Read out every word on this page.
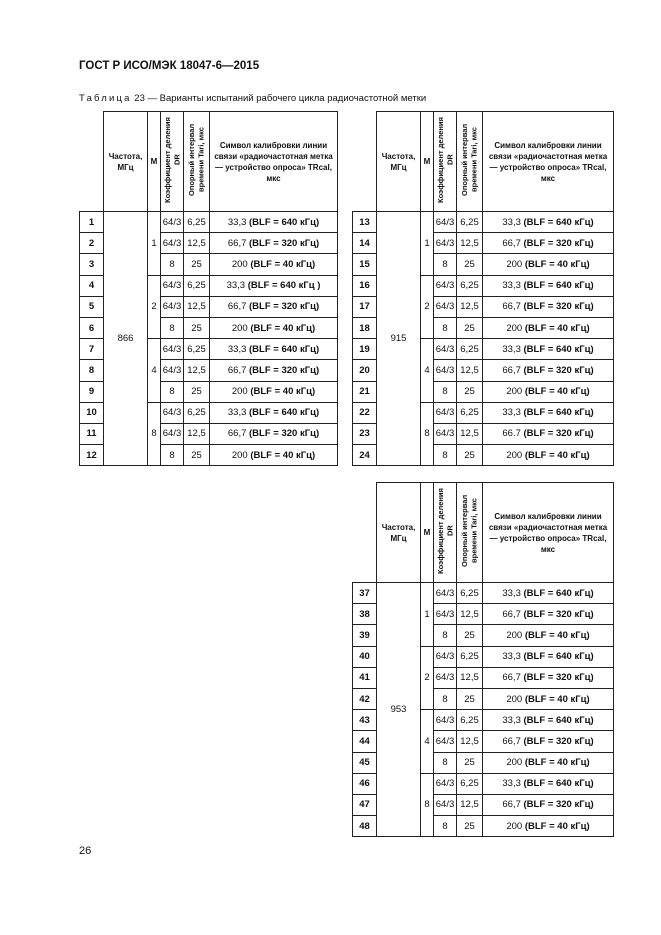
ГОСТ Р ИСО/МЭК 18047-6—2015
Таблица 23 — Варианты испытаний рабочего цикла радиочастотной метки
	Частота, МГц	M	Коэффициент деления DR	Опорный интервал времени Tari, мкс	Символ калибровки линии связи «радиочастотная метка — устройство опроса» TRcal, мкс
1	866	1	64/3	6,25	33,3 (BLF = 640 кГц)
2			64/3	12,5	66,7 (BLF = 320 кГц)
3			8	25	200 (BLF = 40 кГц)
4		2	64/3	6,25	33,3 (BLF = 640 кГц )
5			64/3	12,5	66,7 (BLF = 320 кГц)
6			8	25	200 (BLF = 40 кГц)
7		4	64/3	6,25	33,3 (BLF = 640 кГц)
8			64/3	12,5	66,7 (BLF = 320 кГц)
9			8	25	200 (BLF = 40 кГц)
10		8	64/3	6,25	33,3 (BLF = 640 кГц)
11			64/3	12,5	66,7 (BLF = 320 кГц)
12			8	25	200 (BLF = 40 кГц)
	Частота, МГц	M	Коэффициент деления DR	Опорный интервал времени Tari, мкс	Символ калибровки линии связи «радиочастотная метка — устройство опроса» TRcal, мкс
13	915	1	64/3	6,25	33,3 (BLF = 640 кГц)
14			64/3	12,5	66,7 (BLF = 320 кГц)
15			8	25	200 (BLF = 40 кГц)
16		2	64/3	6,25	33,3 (BLF = 640 кГц)
17			64/3	12,5	66,7 (BLF = 320 кГц)
18			8	25	200 (BLF = 40 кГц)
19		4	64/3	6,25	33,3 (BLF = 640 кГц)
20			64/3	12,5	66,7 (BLF = 320 кГц)
21			8	25	200 (BLF = 40 кГц)
22		8	64/3	6,25	33,3 (BLF = 640 кГц)
23			64/3	12,5	66.7 (BLF = 320 кГц)
24			8	25	200 (BLF = 40 кГц)
	Частота, МГц	M	Коэффициент деления DR	Опорный интервал времени Tari, мкс	Символ калибровки линии связи «радиочастотная метка — устройство опроса» TRcal, мкс
37	953	1	64/3	6,25	33,3 (BLF = 640 кГц)
38			64/3	12,5	66,7 (BLF = 320 кГц)
39			8	25	200 (BLF = 40 кГц)
40		2	64/3	6,25	33,3 (BLF = 640 кГц)
41			64/3	12,5	66,7 (BLF = 320 кГц)
42			8	25	200 (BLF = 40 кГц)
43		4	64/3	6,25	33,3 (BLF = 640 кГц)
44			64/3	12,5	66,7 (BLF = 320 кГц)
45			8	25	200 (BLF = 40 кГц)
46		8	64/3	6,25	33,3 (BLF = 640 кГц)
47			64/3	12,5	66,7 (BLF = 320 кГц)
48			8	25	200 (BLF = 40 кГц)
26
